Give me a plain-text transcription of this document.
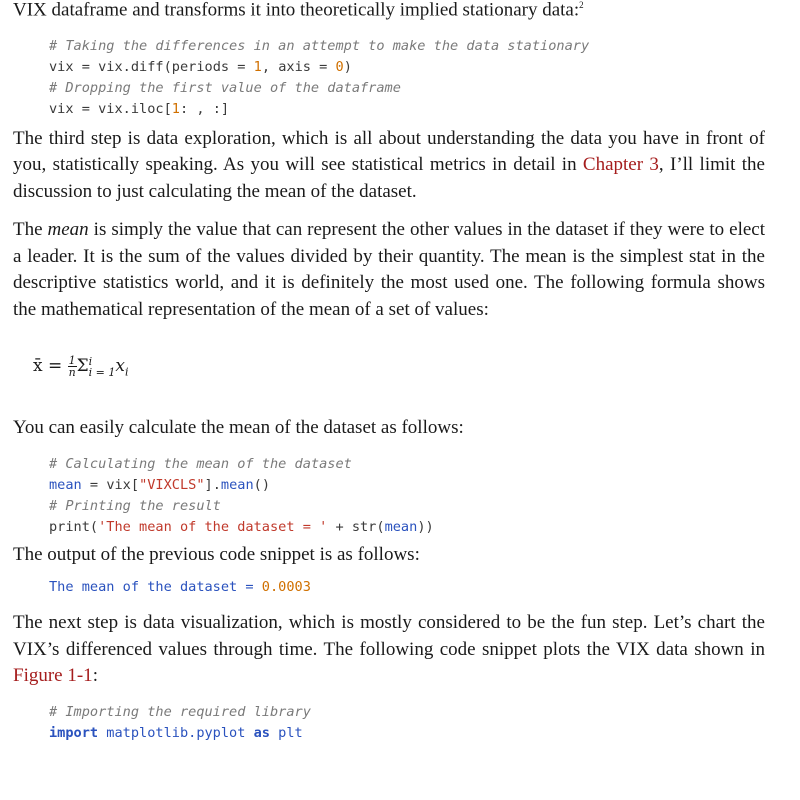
VIX dataframe and transforms it into theoretically implied stationary data:$^2$

# Taking the differences in an attempt to make the data stationary
vix = vix.diff(periods = 1, axis = 0)
# Dropping the first value of the dataframe
vix = vix.iloc[1: , :]

The third step is data exploration, which is all about understanding the data you have in front of you, statistically speaking. As you will see statistical metrics in detail in Chapter 3, I’ll limit the discussion to just calculating the mean of the dataset.

The mean is simply the value that can represent the other values in the dataset if they were to elect a leader. It is the sum of the values divided by their quantity. The mean is the simplest stat in the descriptive statistics world, and it is definitely the most used one. The following formula shows the mathematical representation of the mean of a set of values:

x̄ = $\frac{1}{n}$ Σ i
i = 1 $x_i$

You can easily calculate the mean of the dataset as follows:

# Calculating the mean of the dataset
mean = vix["VIXCLS"].mean()
# Printing the result
print('The mean of the dataset = ' + str(mean))

The output of the previous code snippet is as follows:

The mean of the dataset = 0.0003

The next step is data visualization, which is mostly considered to be the fun step. Let’s chart the VIX’s differenced values through time. The following code snippet plots the VIX data shown in Figure 1-1:

# Importing the required library
import matplotlib.pyplot as plt
